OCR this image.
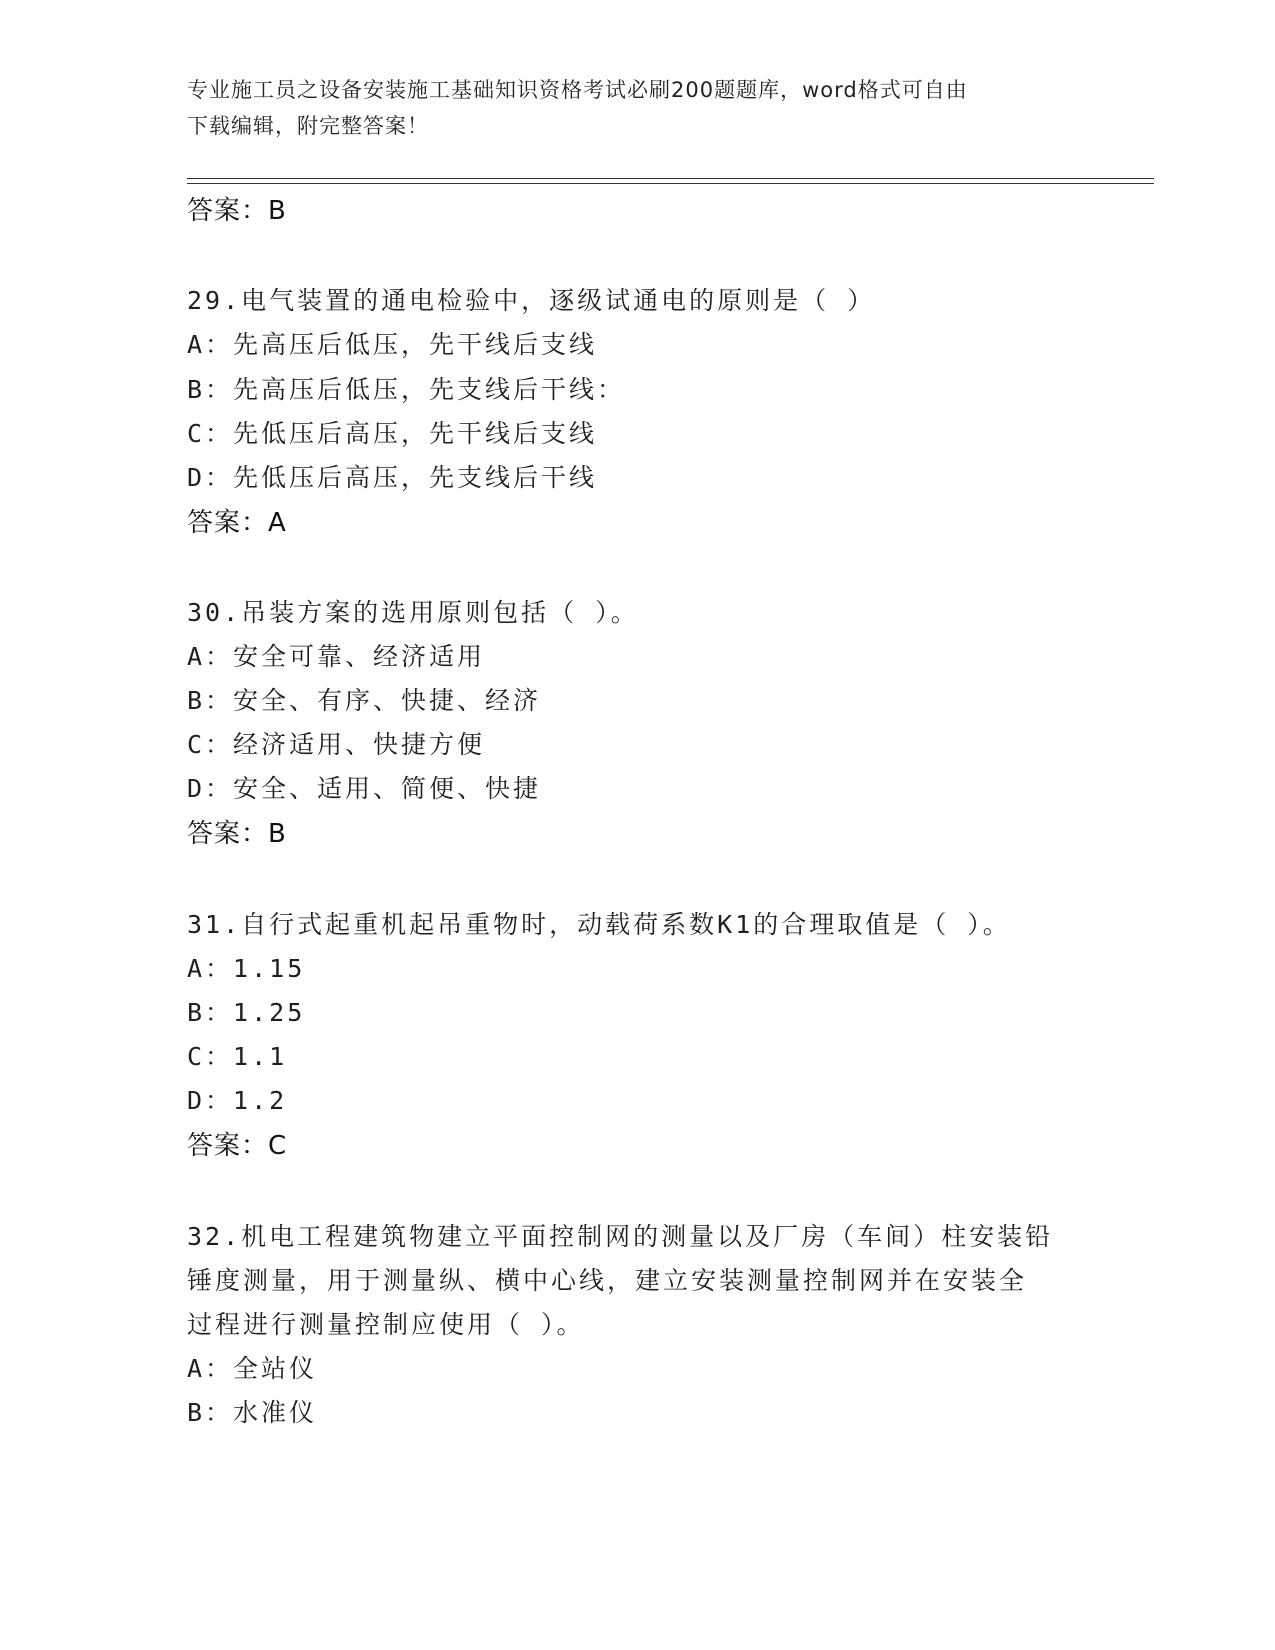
专业施工员之设备安装施工基础知识资格考试必刷200题题库，word格式可自由
下载编辑，附完整答案！
答案：B
29.电气装置的通电检验中，逐级试通电的原则是（ ）
A：先高压后低压，先干线后支线
B：先高压后低压，先支线后干线：
C：先低压后高压，先干线后支线
D：先低压后高压，先支线后干线
答案：A
30.吊装方案的选用原则包括（ ）。
A：安全可靠、经济适用
B：安全、有序、快捷、经济
C：经济适用、快捷方便
D：安全、适用、简便、快捷
答案：B
31.自行式起重机起吊重物时，动载荷系数K1的合理取值是（ ）。
A：1.15
B：1.25
C：1.1
D：1.2
答案：C
32.机电工程建筑物建立平面控制网的测量以及厂房（车间）柱安装铅
锤度测量，用于测量纵、横中心线，建立安装测量控制网并在安装全
过程进行测量控制应使用（ ）。
A：全站仪
B：水准仪
